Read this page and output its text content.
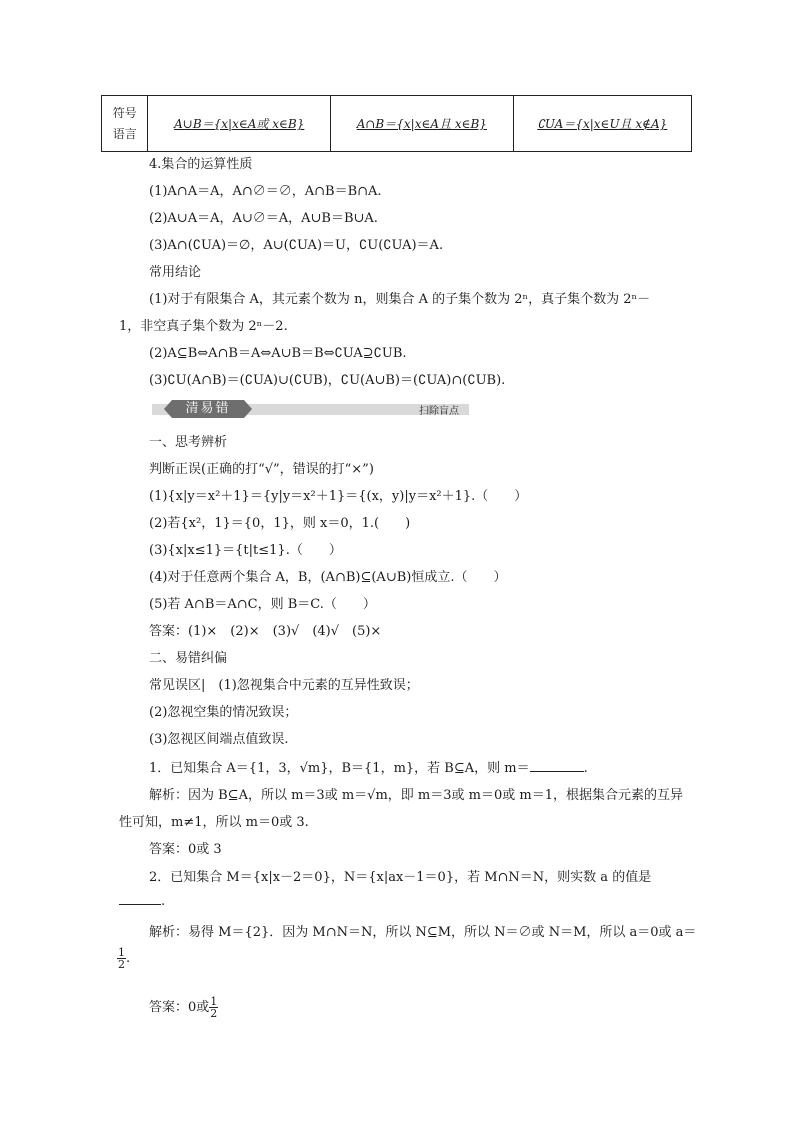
符号
语言	A∪B＝{x|x∈A或 x∈B}	A∩B＝{x|x∈A且 x∈B}	∁UA＝{x|x∈U且 x∉A}
4.集合的运算性质
(1)A∩A＝A，A∩∅＝∅，A∩B＝B∩A.
(2)A∪A＝A，A∪∅＝A，A∪B＝B∪A.
(3)A∩(∁UA)＝∅，A∪(∁UA)＝U，∁U(∁UA)＝A.
常用结论
(1)对于有限集合 A，其元素个数为 n，则集合 A 的子集个数为 2ⁿ，真子集个数为 2ⁿ－
1，非空真子集个数为 2ⁿ－2.
(2)A⊆B⇔A∩B＝A⇔A∪B＝B⇔∁UA⊇∁UB.
(3)∁U(A∩B)＝(∁UA)∪(∁UB)，∁U(A∪B)＝(∁UA)∩(∁UB).
清易错	扫除盲点
一、思考辨析
判断正误(正确的打“√”，错误的打“×”)
(1){x|y＝x²＋1}＝{y|y＝x²＋1}＝{(x，y)|y＝x²＋1}.（　　）
(2)若{x²，1}＝{0，1}，则 x＝0，1.(　　)
(3){x|x≤1}＝{t|t≤1}.（　　）
(4)对于任意两个集合 A，B，(A∩B)⊆(A∪B)恒成立.（　　）
(5)若 A∩B＝A∩C，则 B＝C.（　　）
答案：(1)×　(2)×　(3)√　(4)√　(5)×
二、易错纠偏
常见误区|　(1)忽视集合中元素的互异性致误；
(2)忽视空集的情况致误；
(3)忽视区间端点值致误.
1．已知集合 A＝{1，3，√m}，B＝{1，m}，若 B⊆A，则 m＝	.
解析：因为 B⊆A，所以 m＝3或 m＝√m，即 m＝3或 m＝0或 m＝1，根据集合元素的互异
性可知，m≠1，所以 m＝0或 3.
答案：0或 3
2．已知集合 M＝{x|x－2＝0}，N＝{x|ax－1＝0}，若 M∩N＝N，则实数 a 的值是
.
解析：易得 M＝{2}．因为 M∩N＝N，所以 N⊆M，所以 N＝∅或 N＝M，所以 a＝0或 a＝
$\frac{1}{2}$ .
答案：0或 $\frac{1}{2}$
